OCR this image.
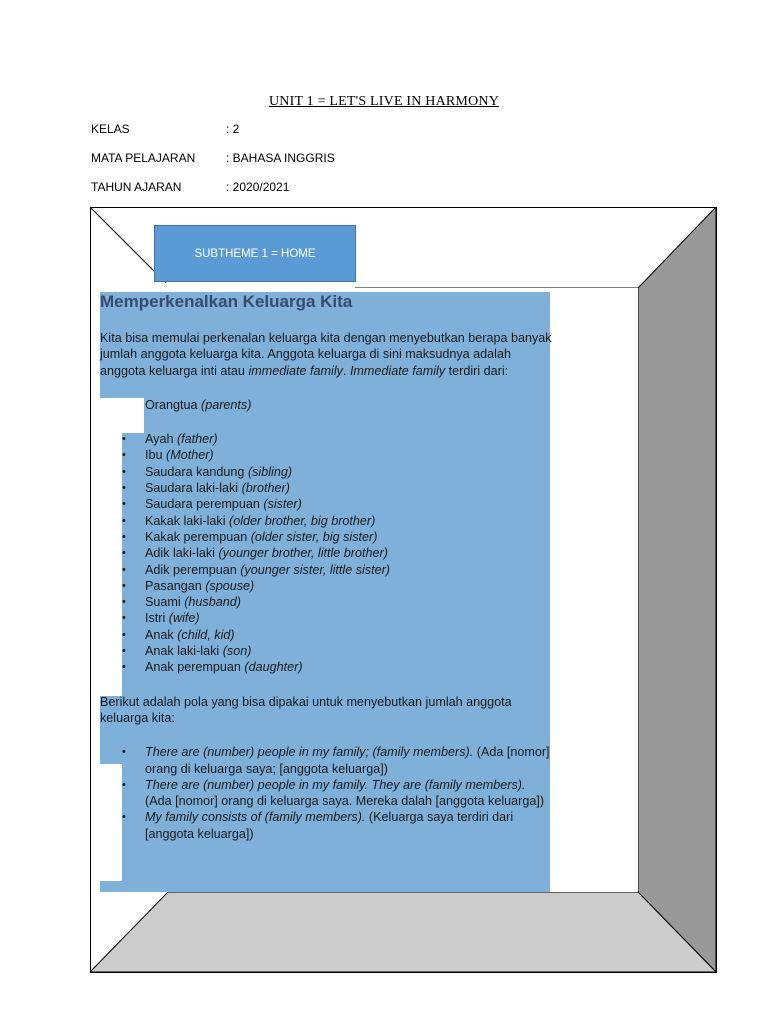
UNIT 1 = LET'S LIVE IN HARMONY
KELAS	: 2
MATA PELAJARAN	: BAHASA INGGRIS
TAHUN AJARAN	: 2020/2021
SUBTHEME 1 = HOME
Memperkenalkan Keluarga Kita

Kita bisa memulai perkenalan keluarga kita dengan menyebutkan berapa banyak jumlah anggota keluarga kita. Anggota keluarga di sini maksudnya adalah anggota keluarga inti atau immediate family. Immediate family terdiri dari:

Orangtua (parents)

• Ayah (father)
• Ibu (Mother)
• Saudara kandung (sibling)
• Saudara laki-laki (brother)
• Saudara perempuan (sister)
• Kakak laki-laki (older brother, big brother)
• Kakak perempuan (older sister, big sister)
• Adik laki-laki (younger brother, little brother)
• Adik perempuan (younger sister, little sister)
• Pasangan (spouse)
• Suami (husband)
• Istri (wife)
• Anak (child, kid)
• Anak laki-laki (son)
• Anak perempuan (daughter)

Berikut adalah pola yang bisa dipakai untuk menyebutkan jumlah anggota keluarga kita:

• There are (number) people in my family; (family members). (Ada [nomor] orang di keluarga saya; [anggota keluarga])
• There are (number) people in my family. They are (family members). (Ada [nomor] orang di keluarga saya. Mereka dalah [anggota keluarga])
• My family consists of (family members). (Keluarga saya terdiri dari [anggota keluarga])
